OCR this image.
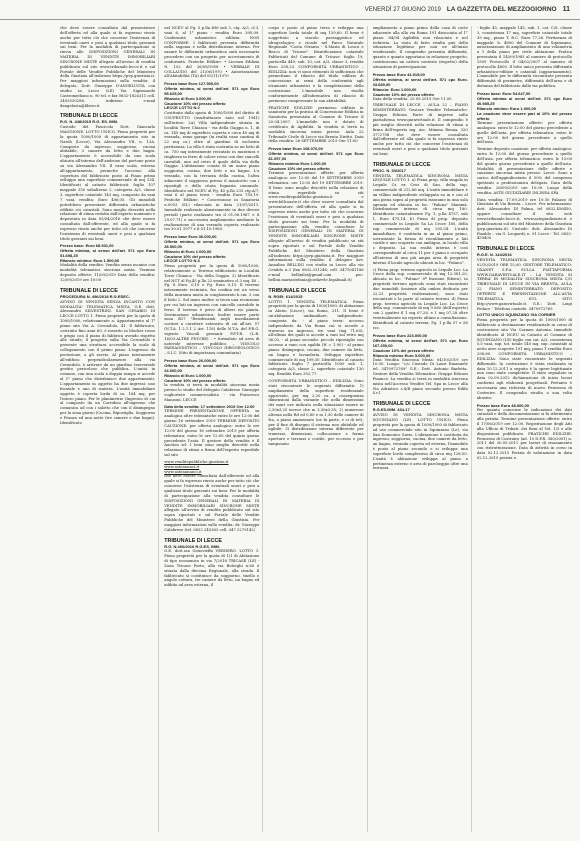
VENERDÌ 27 GIUGNO 2019 LA GAZZETTA DEL MEZZOGIORNO 11
che deve essere consultata dal presentatore dell'offerta ed alla quale si fa espresso rinvio anche per tutto ciò che concerne l'esistenza di eventuali oneri e pesi a qualsiasi titolo gravanti sui beni. Per la modalità di partecipazione si rinvia alle DISPOSIZIONI GENERALI IN MATERIA DI VENDITE IMMOBILIARI SINCRONE MISTE allegate all'avviso di vendita pubblicato sul sito www.tribunale.lecce.it e sul Portale delle Vendite Pubbliche del Ministero della Giustizia all'indirizzo https://pvp.giustizia.it. Per maggiori informazioni sulla vendita: il delegato, Dott. Giuseppe D'ANGELUSTA con studio in Lecce (LE) Via Sigismondo Castromediano n. 90 tel. e fax 0832-1826311 cell. 3405530288, indirizzo e-mail dangelusta@libero.it
TRIBUNALE DI LECCE
R.G. N. 448/2015 R.G. ES. IMM.
Custode del Fascicolo Dott. Giancarlo MAGGIONE. LOTTO UNICO. Piena proprietà per la quota 1000/1000 di appartamento sito in Nardò (Lecce), Via Alessandro VII, n. 13A. Composto da ingresso, soggiorno, cucina abitabile, 3 camere da letto e due bagni. L'appartamento è accessibile da uno scala ubicata all'interno dell'androne del portone posto su via Alessandro VII. Il vano scala, esterno all'appartamento, permette l'accesso alla copertura del fabbricato posto al Piano primo sviluppa una superficie commerciale di mq 134. Identificati al catasto fabbricati: foglio 107 mappale 350 subalterno 2, categoria A/3, classe 3, superficie catastale 143 mq, composto da vani 7 vani, rendita: Euro 406,05. Gli immobili potrebbero presentare difformità urbanistiche edilizie e/o catastali. Sono meglio descritti nella relazione di stima redatta dall'esperto nominato e depositata in data 05/04/2016 che deve essere consultata dall'offerente, ed alla quale si fa espresso rinvio anche per tutto ciò che concerne l'esistenza di eventuali oneri e pesi a qualsiasi titolo gravanti sui beni.
Prezzo base: Euro 68.931,00
Offerta minima, al senso dell'art. 571 cpc Euro 51.698,25
Rilancio minimo: Euro 1.500,00
Modalità della vendita: Vendita senza incanto con modalità telematica sincrona mista. Termine deposito offerte: 11/09/2019 Data della vendita: 12/09/2019 ore 10:00
TRIBUNALE DI LECCE
PROCEDURA N. 496/2018 R.G.ESEC.
AVVISO DI VENDITA SENZA INCANTO CON MODALITA' TELEMATICA MISTA. G.E. dott. Alessandro SILVESTRINI. SAN CESARIO DI LECCE LOTTO 1. Piena proprietà per la quota di 1000/1000, relativamente a: Appartamento al 1° piano sito Via A. Cerundolo, 41. Il fabbricato, costruito fino anni 60, è inserito in blocker rosso e grigio con il piano di fabbrica avendo rispetto alle strade; il progetto sulla Via Cerundolo è presente una struttura accessibile la scala di collegamento con il primo piano. L'ingresso da protezione, a gli ravvio. Al piano interamente all'edificio perpendicolarmente alla via Cerundolo, è arrivare da un giardino trasversale gestito pericoloso che pubblica. L'unità in comune, con una scala a doppia rampa si accede al 1° piano che distribuisce due appartamenti. L'appartamento in oggetto ha due ingressi: uno frontale e uno di sinistra. L'unità immobiliare oggetto è coperta lorda di ca. 164 mq, per l'intero piano. Per le planimetrie (Ingresso di cui al composto da un Corridoio all'ingresso che comunica ad con i salotto che con il disimpegno per la zona giorno (Cucina, Ripostiglio, Soggiorno e Pranzo ed una notte (tre camere e due bagni). Identificato
nel NCEU al Fg. 5 p.lla 496 sub 3, ctg. A/3, cl.3, vani 6, al 1° piano - rendita Euro 395,09. Conformità urbanistico edilizia: NON CONFORME. I fabbricati presenta difformità nella sagoma e nella distribuzione interna. Per sanare le difformità urbanistica sarà necessario procedere con un progetto per accertamento di conformità. Pratiche Edilizie: • Licenza Edilizia N. 102 del 26/08/1958 • VERBALE DI COLLAUDO del 21/06/1970 • Autorizzazione all'Abitabilità (TA) del 05/11/1970
Prezzo base Euro 127.500,00
Offerta minima, ai sensi dell'art. 571 cpc Euro 95.625,00
Rilancio di Euro 3.000,00
Cauzione 10% del prezzo offerto
LECCE LOTTO N.2
Costituito dalla quota di 1000/1000 del diritto di USUFRUTTO (usufruttuario nato nel 1941) sull'intero: 2A) Villa indipendente situata in località Torre Chianca - via della Gaggia n. 1, di ca. 145 mq di superficie coperta e circa 40 mq di veranda, ramo garage (in realtà vano cantina di 22 mq ca.) oltre al giardino di esclusiva pertinenza. La villa è stata costruita su un lotto di ca. 750 mq interamente recintato in muratura e ringhiera in ferro di colore rosso con due cancelli carrabili, uno sul retro il quale della via della Gaggia. L'abitazione consta di un unico piano soggiorno, cucina, due letti e un bagno. L'a veranda, con la terrazza della cucina, l'altra adiacente il soggiorno presso il manicotto con i ripostigli e della citata fognaria comunale. Identificato nel NCEU al Fg. 45 p.lla 233 ctg.A/7, vani 6 al piano terra - rendita Euro 759,19. Pratiche Edilizie: • Concessione in Sanatoria n.0053 (SL) rilasciata in data 21/07/2011. Immobile realizzato abusivamente in due diversi periodi (parte realizzato tra il 01.06.1967 e il 29.07.71) e successiva ampliamento mediante la realizzazione di una veranda coperta realizzato tra 30.01.1977 e il 01.10.1983.
Prezzo base Euro 36.000,00
Offerta minima, ai sensi dell'art. 571 cpc Euro 28.500,00
Rilancio di Euro 1.000,00
Cauzione 10% del prezzo offerto
LECCE LOTTO N.3
Piena proprietà per la quota di 1000/1000, relativamente a: Terreno edificatorio in Località Torre Chianca - Via della Gaggia. 3) Identificato nel NCT al Fg.45 p.lla 22 seminativo cl.3 mq. 40 – Fg. 8 Euro. 0,10 e Fg. Euro 0,13. Il terreno interamente recintato, fra confina est un verso della muraura mista in conglomerato h.cm. 3 con il lotto 2. Sul muro inoltre si trova una recinzione per cui lati un ingresso con cancello carrabile in ferro. Il terreno è privo di alberi e/o pianta. Destinazione urbanistica: Inoltre essere parte zona B27 "Residenziali negli insediamenti costieri a carattere estensivo di cui all'art. 57 (N.T.A. 1.2.1.1 2 Art. 118) delle N.T.A. del P.R.G. vigente. Vincoli gravanti: P.P.T.R. (L.R. 16/03.ALTRE FIGURE) : • formulato ad area di notevole interesse pubblico – VINCOLO PAESAGGISTICO – VINCOLO IDROGEOLOGICO – S.I.C. (Sito di importanza comunitaria)
Prezzo base Euro 26.000,00
Offerta minima, ai sensi dell'art. 571 cpc Euro 24.000,00
Rilancio di Euro 1.000,00
Cauzione 10% del prezzo offerto
la vendita si terrà in modalità sincrona mista presso lo studio del delegato Calabrese Giuseppe vogliortere commercialista - via Francesco Manzoni, LECCE
Data della vendita: 17 settembre 2019 Ore 12.00
TERMINE PRESENTAZIONE OFFERTA su analogica oltre telematiche entro le ore 12:00 del giorno 16 settembre 2019 TERMINE DEPOSITO CAUZIONE: per offerta analogica: entro le ore 12:00 del giorno 16 settembre 2019 per offerta telematica: entro le ore 12:00 del quinto giorno precedente l'asta. Il gestore della vendita è Il Auction srl. I beni sono meglio descritti nella relazione di stima a firma dell'esperto reperibile sul sito
www.venditepubbliche.giustizia.it
www.asteanunci.it
www.asteannunci.it
che deve essere consultata dall'offerente ed alla quale si fa espresso rinvio anche per tutto ciò che concerne l'esistenza di eventuali oneri e pesi a qualsiasi titolo gravanti sui beni. Per le modalità di partecipazione alla vendita consultare le DISPOSIZIONI GENERALI IN MATERIA DI VENDITE IMMOBILIARI SINCRONE MISTE allegate all'avviso di vendita pubblicato sul sito sopra riportati e sul Portale delle Vendite Pubbliche del Ministero della Giustizia. Per maggiori informazioni sulla vendita: dr. Giuseppe Calabrese (tel. 0832 245363 cell. 347 2279142)
TRIBUNALE DI LECCE
R.G. N.466/2016 R.G.ES. IMM.
G.E. dott.ssa Genovieffa VERNERO. LOTTO 1. Piena proprietà per la quota di 1/1 di Abitazione di tipo economico in via 7/2018 TRICASE (LE) - Zona Tricase Porto, alla via Botteghi n.60 è situata dalla diecima Regionale, alla strada. Il fabbricato si costituisce da soggiorno, tinello e angolo cottura, tre camere da letto, un bagno ed adibito ad area esterna, il
corpo e posto al piano terra e sviluppa una superficie lorda totale di mq 159,60. Il bene è soggettato a vincolo paesaggistico ed idrogeologico e ricade nel Parco Naturale Regionale "Costa Otranto - S.Maria di Leuca e Bosco di Tricase". Identificazione catastale Fabbricati del Comune di Tricase: foglio 19, particella 449, sub. 10, cat. A/3, classe 3, rendita Euro 258,23. CONFORMITÀ URBANISTICO – EDILIZIA: non vi sono elementi di sufficienza che permettano il rilascio del titolo edilizio di concessione ai sensi della conformità agli strumenti urbanistici e la completazione della costruzione. L'immobile non risulta conformemente all'informativa di rilascio di permesso comprovante la sua abitabilità.
PRATICHE EDILIZIE: permesso edilizio in sanatoria per la pratica di Concessione Edilizia in Sanatoria presentata al Comune di Tricase il 20.04.2007. L'immobile non è dotato di certificato di Agibilità. la vendita si terrà in modalità sincrona mista presso: Aula 22 Tribunale Civile di Lecce via Brenta Diritto. Data della vendita: 26 SETTEMBRE 2019 Ore 11:00
Prezzo base Euro 108.076,00
Offerta minima, ai sensi dell'art. 571 cpc Euro 81.057,00
Rilancio minimo Euro 1.000,00
Cauzione 10% del prezzo offerto
Termine presentazione offerte: per offerta analogica: ore 12:00 del 19 SETTEMBRE 2019 telematica: ore 12:00 del 19 SETTEMBRE 2019. Il bene sono meglio descritti nella relazione di stima reperibile su siti www.venditepubbliche.giustizia.it e www.fallcoaste.it che deve essere consultata dal presentatore dell'offerta ed alla quale si fa espresso rinvio anche per tutto ciò che concerne l'esistenza di eventuali oneri e pesi a qualsiasi titolo gravanti sui beni. Per la modalità di partecipazione alla vendita consultare le DISPOSIZIONI GENERALI IN MATERIA DI VENDITE IMMOBILIARI SINCRONE MISTE allegate all'avviso di vendita pubblicato su siti sopra riportati e sul Portale delle Vendite Pubbliche del Ministero della Giustizia all'indirizzo https://pvp.giustizia.it. Per maggiori informazioni sulla vendita: il delegato Avv. Annalisa BELLINI con studio in Lecce alla via Cetaldo n.3 (fax 0832.331246; cell. 3471041186 e-mail bellinilst@gmail.com - pec: bellini.mariastefania@ordavvle.legalmail.it)
TRIBUNALE DI LECCE
N. RGEI: 614/2015
LOTTO 1. VENDITA TELEMATICA. Piena proprietà per la quota di 1000/1000, di abitazione in Alezio (Lecce), via Roma, 211. Il bene è un'abitazione unifamiliare, indipendente, composta da: - al piano terra: accesso indipendente da Via Roma cui si accede a traverso un ingresso, tre vani (mq 71,60), all'ultimo dei quali si accede a vani sul retro mq 36,02, - al piano secondo: piccolo ripostiglio con accesso a vano con sgabbi (H = 1.90) - al primo piano: disimpegno, cucina, due camere da letto, un bagno e lavanderia. Sviluppa superficie commerciale di mq 199,30. Identificato al catasto fabbricati: foglio 7 particella 1000 sub. 1, categoria A/3, classe 2, superficie catastale 130 mq. Rendita Euro 352,77.
CONFORMITÀ URBANISTICO – EDILIZIA: Sono stati riscontrate le seguenti difformità: 1) ampliamento della superficie residenziale approvato, per mq 2,20 ca. a conseguenza dimensioni dalla variante che nella dimensioni dei muri ove indicato nella situazione essere m 2,50x3,25 invece che m 3,30x3,35; 2) numerose altezza nella Rd ed 0,80 e m 1,30 delle camere di fra, a piano ammezzato (ne fa parte, e ci di tet); per il fine di disegno il sistema non abitabile ed agibile; 3) distribuzione interna differente per tramezzi, dimensioni, collocazione e forma aperture e terrazzi e cortile, per eccesso e per tamponato.
ampliamento a piano primo della casa di corte adiacente alla alla via Roma 191 dissociata al 1° piano: 84/94 Agibilità non rilasciata e nel richiesta. Lo stato di fatto risulta può della situazione legittimo per non ne all'inizio residenziale. Il compendio presenta difformità, quanto e quanto apportano in relazione progetto, costituiscono un cattivo contesto (rispetto) della situazione di partecipazione.
Prezzo base Euro 44.919,00
Offerta minima, ai sensi dell'art. 571 cpc Euro. 33.689,00
Rilancio: Euro 1.000,00
Cauzione 10% del prezzo offerto
Data della vendita: 25.09.2019 Ore 11.00
TRIBUNALE DI LECCE – AULA 22 – PIANO SEMINTERRATO. Gestore Vendite Telematiche: Gruppo Edicom Parte di imprese sulla piattaforma www.garavirtuale.it. Il compendio è più meglio descritti nella relazione di stima a firma dell'esperto ing. Arc. Mimmo Renna, 320 3772708 che deve essere consultata dall'offerente ed alla quale si fa espresso rinvio anche per tutto ciò che concerne l'esistenza di eventuali oneri e pesi a qualsiasi titolo gravanti sui beni.
TRIBUNALE DI LECCE
PROC. N. 53/2017
VENDITA TELEMATICA SINCRONA MISTA LEQUILE LOTTO 1. a) Piena prop. villa singola in Lequile Cs ex Cros di San. della sup. commerciale di 212,86 mq. L'unità immobiliare è un villino indipendente sviluppata su in e con al una piena sopra al proprietà riassume in una sola agenzia ed ubicata in loc. "Paluno" Mammà. Distribuzione interna di circa mq 180. Identificato catastalmente Fg. 1, p.lla 4757, sub 1, Euro 475,14. b) Piena di prop. deposito commerciale in Lequile Sa La Croce 185, della sup. commerciale di mq 205,54. L'unità immobiliare, è costituita in un al piano primo, sovrastante la forma di riscaldamento a lati cortile e uno scoperto con ambiguo, in locale villa o deposito. La sua realtà interna è così corrispondente al circa 11 per 3 piano e occupato all'interno di una più ampia area di proprietà interno il locale agricolo ubicati in loc. "Paluno".
c) Piena prop. terreno agricolo in Lequile Loc. La Croce della sup. commerciale di mq 12.381,20, ubicato in loc. "Paluno" 8ª frazione (libera), in proprietà terreno agricolo sono stati riscontrati due immobili (insieme alla ombra dedicata per 22,23 proprietà realizzazione), sono stati riscontrati e la parte al catasto terreni. d) Piena prop. terreno agricolo in Lequile Loc. La Croce della sup. commerciale di mq 9.560 (dell'esperto) con 2 quattro il 1 mq 07,28, e l. mq 07,28 oltre eventualmente un reperto ultimo a consultazione. Identificati al catasto terreni, Fg. 1 p.lla 57 e 58 ecc.
Prezzo base Euro 223.000,00
Offerta minima, ai sensi dell'art. 571 cpc Euro 167.250,00
Cauzione 10% del prezzo offerto
Rilancio minimo Euro 5.000,00
Data Vendita Sincrona Mista: 04/10/2019 ore 10:30. Luogo: "c/o Custode Di Lauri Emanuele tel. 3470972769" G.E.: Dott. Antonio Barletta. Gestore della Vendita Telematica: Gruppo Edicom Finance. La vendita si terrà in modalità sincrona mista nell'Accesso Vendite Tel. Spa in Lecce alla Via Adriatico s.4/B piano secondo presso Edifa S.r.l.
TRIBUNALE DI LECCE
R.G.ES.IMM. 434-17
AVVISO DI VENDITA SINCRONA MISTA SQUINZANO (LE). LOTTO UNICO. Piena proprietà per la quota di 1000/1000 di fabbricato ad uso commerciale sito in Squinzano (Le), via San Domenico Savio. L'abitazione è costituita da ingresso, soggiorno, cucina, due camere da letto, un bagno, veranda coperta ed esterna, l'immobile è posto al piano secondo e si sviluppa una superficie lorda complessiva di circa mq 128,50. L'unità è abitazione sviluppa al piano a pertinenza esterno e area di parcheggio oltre una terrazza.
- foglio 45, mappale 145, sub. 1, cat. C/8, classe 3, consistenza 17 mq, superficie catastale totale 39 mq., piano T, R.C. Euro 77,26. Pertinenza di mappale: h. 4800 del Comune di Squinzano, autorizzazione di ampliamento di una volumetria a 1 della piano per civile abitazione. Pratica presentata il 14/09/1985 al numero di protocollo 1509 Protocollo il 04/02/2007 al numero di protocollo 4600. Il lotto unico presenta difformità urbanistico-edilizie e catastali (aggiornamento). L'immobile per le difformità riscontrate presenta difformità di perimetro, difformità dell'area e di distanza del fabbricato dalla via pubblica.
Prezzo base: Euro 54.647,00
Offerta minima ai sensi dell'art. 571 cpc Euro 40.985,25
Rilancio minimo: Euro 1.000,00
La cauzione deve essere pari al 10% del prezzo offerto
Termine presentazione offerte: per offerta analogica: entro le 12:00 del giorno precedente a quello dell'asta. per offerta telematica: entro le ore 12:00 del giorno precedente a quello dell'asta.
Termine deposito cauzione: per offerta analogica: entro le 12:00 del giorno precedente a quello dell'asta. per offerta telematica: entro le 13:00 del quinto giorno precedente a quello dell'asta. Modalità di presentazione delle offerte e cauzione sincrona mista presso: Lecce. Sono a carico dell'aggiudicatario il 50% del compenso spettanti a professionista delegato. Data della vendita: 26/09/2019 ore 10:30. Luogo della vendita: ASTE GIUDIZIARIE INLINEA SPA
Data vendita: 17.09.2019 ore 10:30 Palazzo di Giustizia di Via Brenta – Lecce. Per informazioni: dott. Alessandro Dl Palma, tel 0832.456450, oppure consultare il sito web www.tribunale.lecce.it, www.astegiudiziarie.it e pubblicazioni sul sito del Ministero della Giustizia (pvp.giustizia.it). Custode: dott. Alessandro Di Pinaldo – via G. Leopardi, n. 91 Lecce - Tel. 0832-459400
TRIBUNALE DI LECCE
R.G.E. N. 144/2016
VENDITA TELEMATICA SINCRONA MISTA 02/10/2019 ORE 15,00. GESTORE TELEMATICO: OXANET S.P.A. SULLA PIATTAFORMA WWW.GARAVIRTUALE.IT – LA VENDITA SI TERRA' IN MODALITA' SINCRONA MISTA C/O TRIBUNALE DI LECCE IN VIA BRENTA, AULA 22 PIANO SEMINTERRATO. DEPOSITO OFFERTE E PRESENTAZIONE ALL'ASTA TELEMATICA SUL SITO http://www.garavirtuale.it. G.E.: Dott. Luigi Pedace - Telefono custode: 3470972769
LOTTO UNICO SQUINZANO VIA CORNER
Piena proprietà per la quota di 1000/1000 di fabbricato a destinazione residenziale in corso di costruzione sito Via Carmen Antonia. Immobile identificato al NCEU in Catasto al Comune di SQUINZANO (LE) foglio con cat. A/3, consistenza 5,5 vani, sup. tot. totale 140 mq. sup. catastale al netto aree scoperte 101 mq, piano T rendita Euro 298,96. CONFORMITÀ URBANISTICO – EDILIZIA: Sono state riscontrate le seguenti difformità: la costruzione è stata realizzata in data 10.12.2011 a seguito è la opere legittimate non sono state completate. Il stato segnalato in data 02.09.2012 dichiarazione di inizio lavori conformi agli elaborati progettuali. Pertanto è necessaria una richiesta di nuovo Permesso di Costruire. Il compendio risulta a sua volta abusivo.
Prezzo base Euro 48.000,00
Per quanto concerne le indicazioni dei dati catastali e della documentazione si fa riferimento alla perizia. Termine presentazione offerte: entro il 17/06/2019 ore 12.00. Registrazione degli Atti alla Ufficio di Tributi: dei Beni al Vol. 1/5 e alle disposizioni pubblicate. PRATICHE EDILIZIE: Permesso di Costruire (ad. 10 D.P.R. 380/2001) n. 2011 del 30.05.2011 per lavori di risanamento con ristrutturazione. Data di attività in corso in data 02.12.2015 Perizia di valutazione in data 02.12.2015 perizia e.
